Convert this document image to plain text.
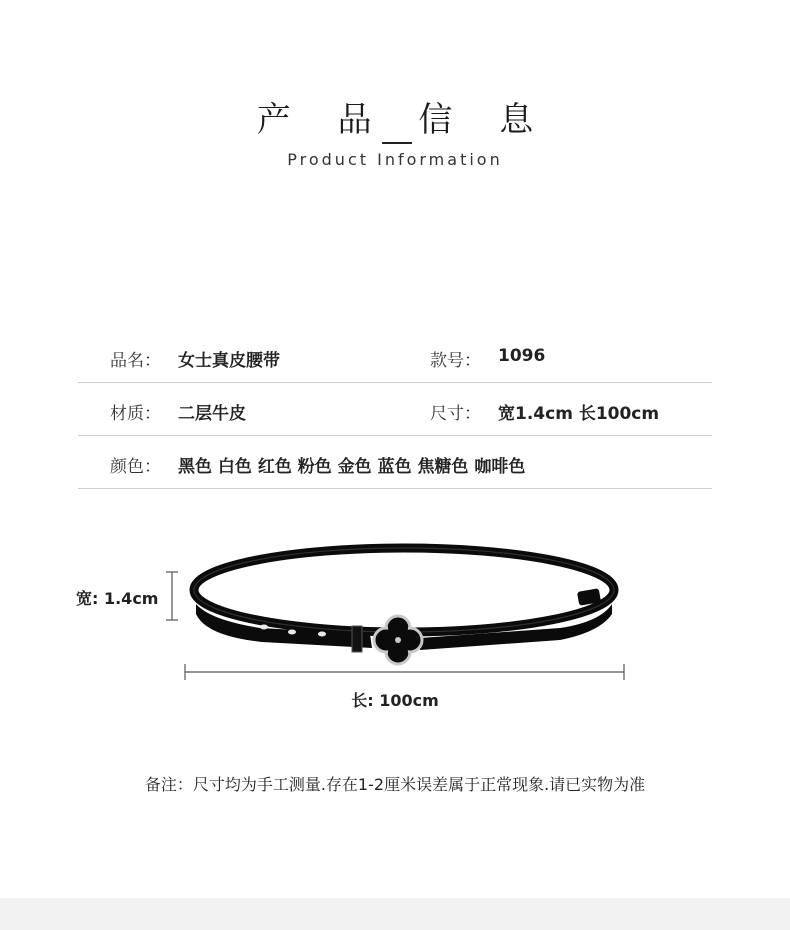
产 品 信 息
Product Information
品名： 女士真皮腰带	款号： 1096
材质： 二层牛皮	尺寸： 宽1.4cm 长100cm
颜色： 黑色 白色 红色 粉色 金色 蓝色 焦糖色 咖啡色
宽: 1.4cm
长: 100cm
备注：尺寸均为手工测量.存在1-2厘米误差属于正常现象.请已实物为准
